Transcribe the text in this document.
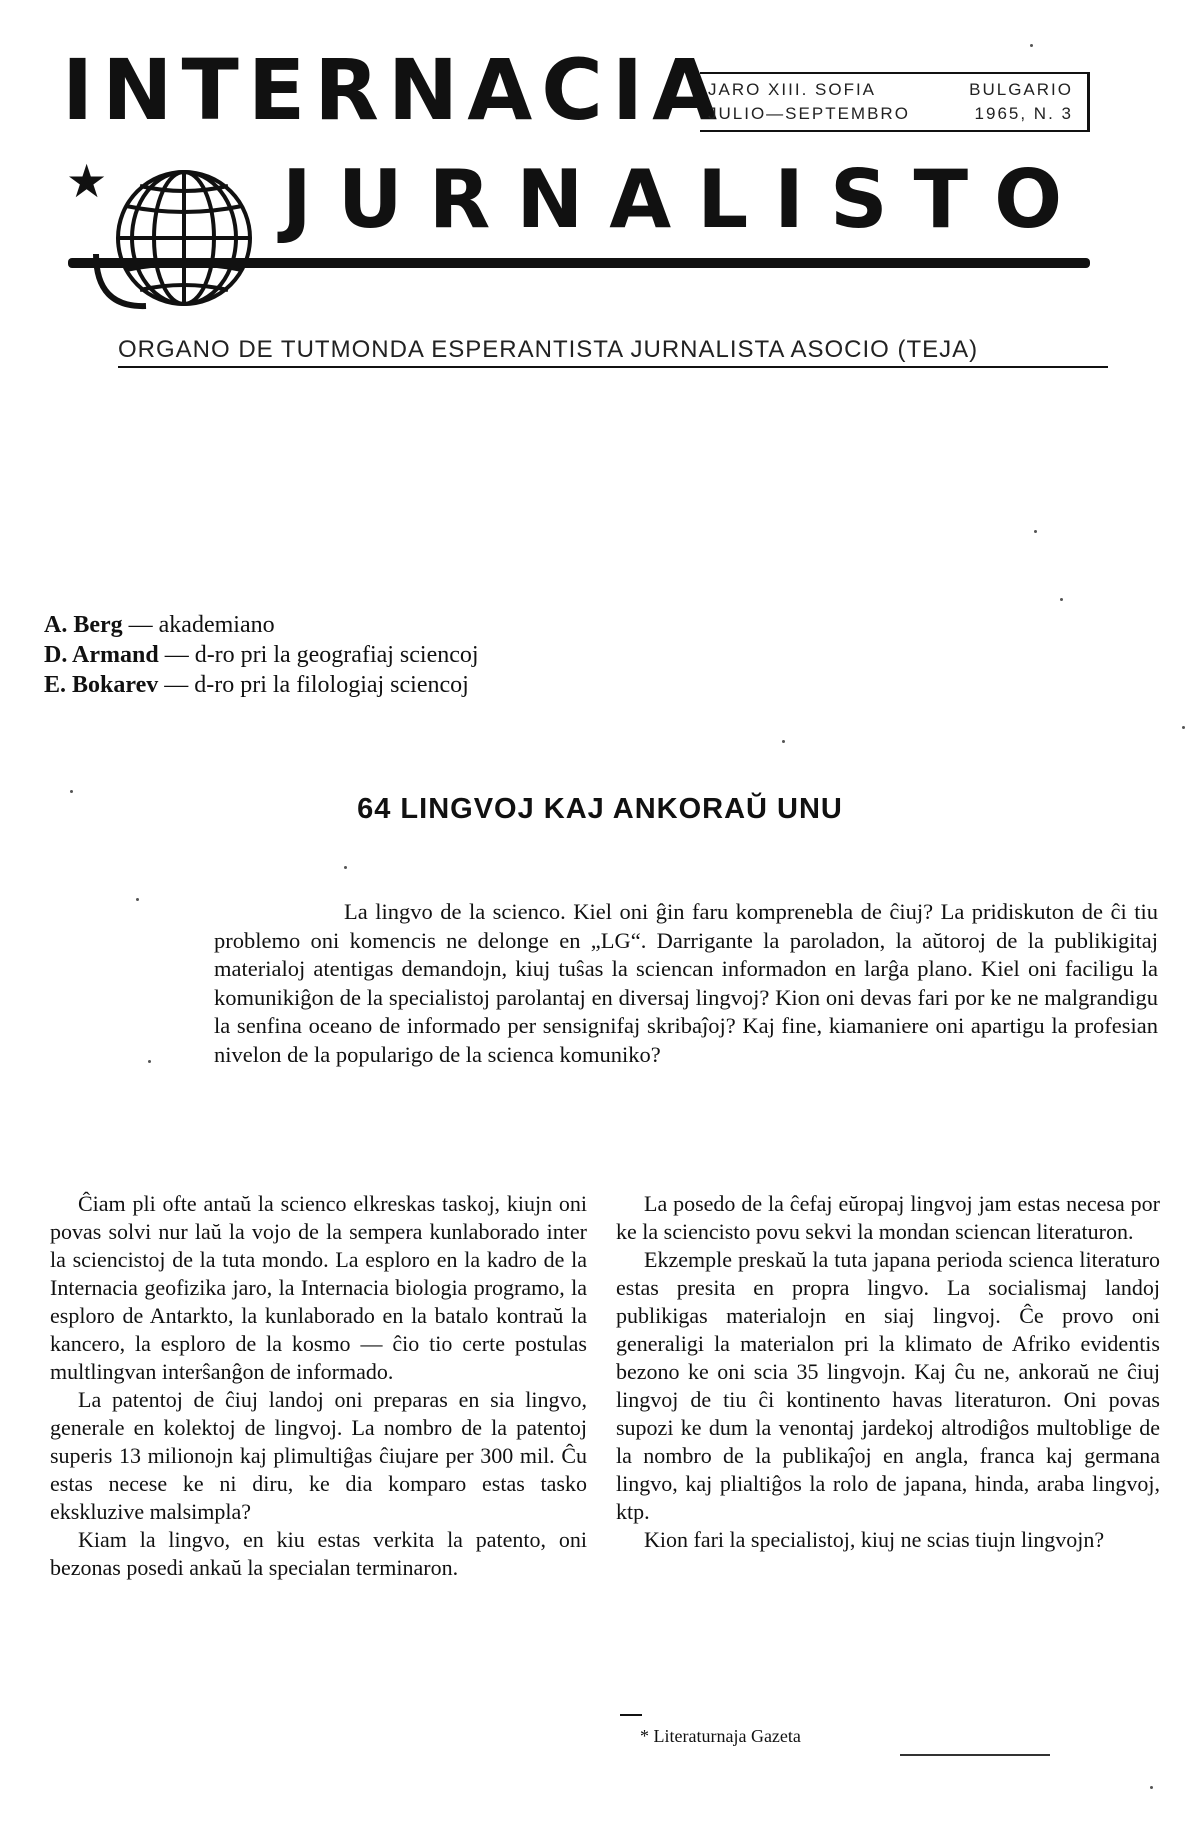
INTERNACIA
JARO XIII. SOFIA	BULGARIO
JULIO—SEPTEMBRO	1965, N. 3
★ JURNALISTO
ORGANO DE TUTMONDA ESPERANTISTA JURNALISTA ASOCIO (TEJA)
A. Berg — akademiano
D. Armand — d-ro pri la geografiaj sciencoj
E. Bokarev — d-ro pri la filologiaj sciencoj
64 LINGVOJ KAJ ANKORAŬ UNU
La lingvo de la scienco. Kiel oni ĝin faru komprenebla de ĉiuj? La pridiskuton de ĉi tiu problemo oni komencis ne delonge en „LG“. Darrigante la paroladon, la aŭtoroj de la publikigitaj materialoj atentigas demandojn, kiuj tuŝas la sciencan informadon en larĝa plano. Kiel oni faciligu la komunikiĝon de la specialistoj parolantaj en diversaj lingvoj? Kion oni devas fari por ke ne malgrandigu la senfina oceano de informado per sensignifaj skribaĵoj? Kaj fine, kiamaniere oni apartigu la profesian nivelon de la popularigo de la scienca komuniko?

Ĉiam pli ofte antaŭ la scienco elkreskas taskoj, kiujn oni povas solvi nur laŭ la vojo de la sempera kunlaborado inter la sciencistoj de la tuta mondo. La esploro en la kadro de la Internacia geofizika jaro, la Internacia biologia programo, la esploro de Antarkto, la kunlaborado en la batalo kontraŭ la kancero, la esploro de la kosmo — ĉio tio certe postulas multlingvan interŝanĝon de informado.

La patentoj de ĉiuj landoj oni preparas en sia lingvo, generale en kolektoj de lingvoj. La nombro de la patentoj superis 13 milionojn kaj plimultiĝas ĉiujare per 300 mil. Ĉu estas necese ke ni diru, ke dia komparo estas tasko ekskluzive malsimpla?

Kiam la lingvo, en kiu estas verkita la patento, oni bezonas posedi ankaŭ la specialan terminaron.

La posedo de la ĉefaj eŭropaj lingvoj jam estas necesa por ke la sciencisto povu sekvi la mondan sciencan literaturon.

Ekzemple preskaŭ la tuta japana perioda scienca literaturo estas presita en propra lingvo. La socialismaj landoj publikigas materialojn en siaj lingvoj. Ĉe provo oni generaligi la materialon pri la klimato de Afriko evidentis bezono ke oni scia 35 lingvojn. Kaj ĉu ne, ankoraŭ ne ĉiuj lingvoj de tiu ĉi kontinento havas literaturon. Oni povas supozi ke dum la venontaj jardekoj altrodiĝos multoblige de la nombro de la publikaĵoj en angla, franca kaj germana lingvo, kaj plialtiĝos la rolo de japana, hinda, araba lingvoj, ktp.

Kion fari la specialistoj, kiuj ne scias tiujn lingvojn?

* Literaturnaja Gazeta
